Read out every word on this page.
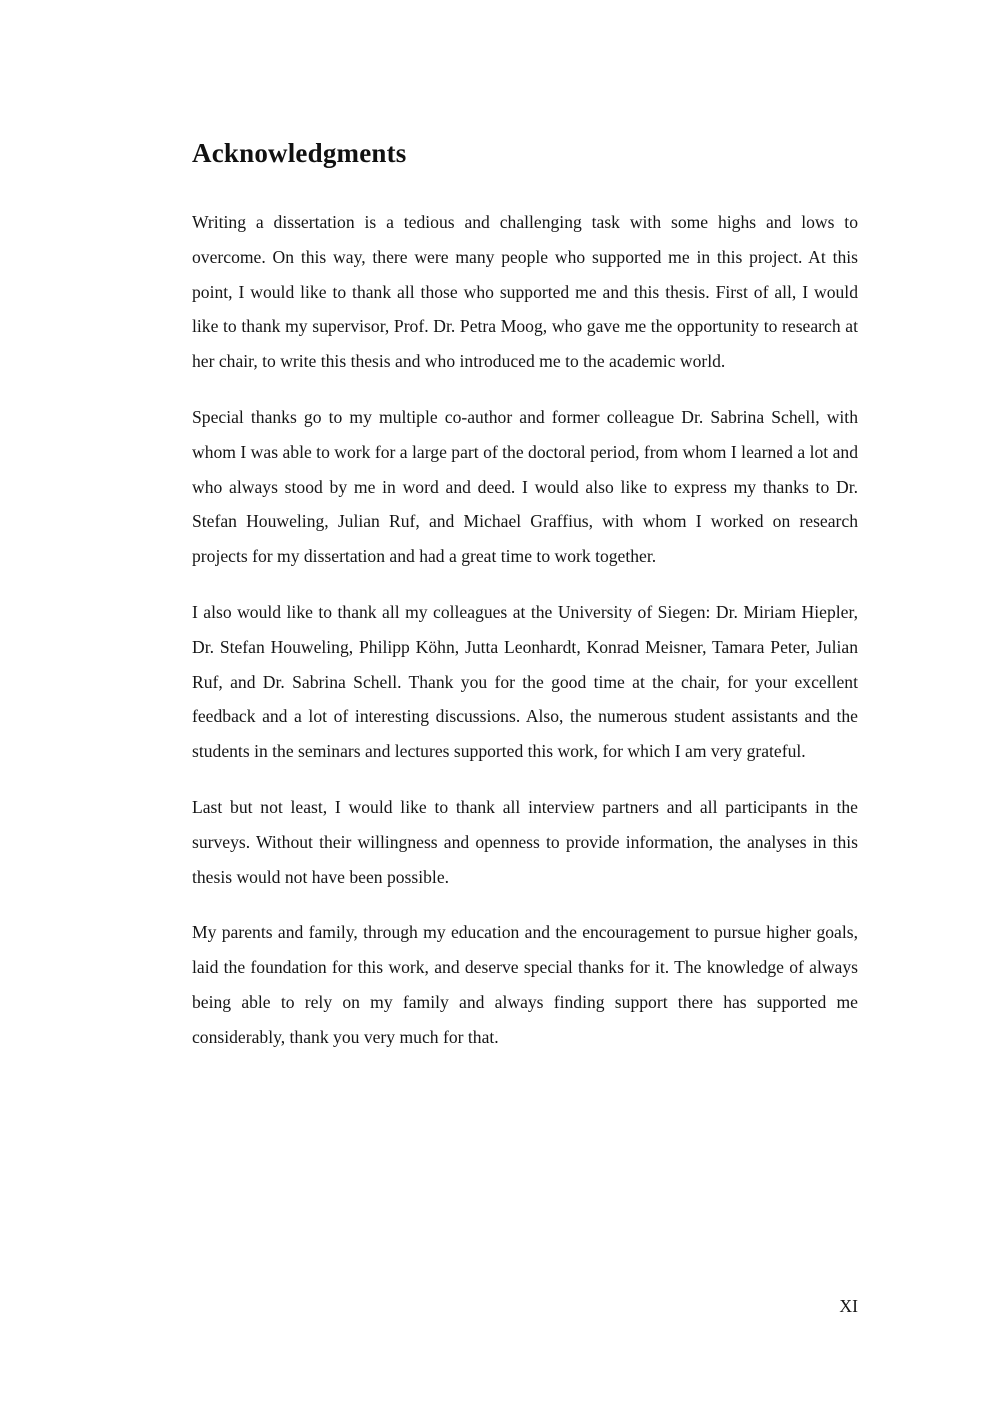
Acknowledgments

Writing a dissertation is a tedious and challenging task with some highs and lows to overcome. On this way, there were many people who supported me in this project. At this point, I would like to thank all those who supported me and this thesis. First of all, I would like to thank my supervisor, Prof. Dr. Petra Moog, who gave me the opportunity to research at her chair, to write this thesis and who introduced me to the academic world.

Special thanks go to my multiple co-author and former colleague Dr. Sabrina Schell, with whom I was able to work for a large part of the doctoral period, from whom I learned a lot and who always stood by me in word and deed. I would also like to express my thanks to Dr. Stefan Houweling, Julian Ruf, and Michael Graffius, with whom I worked on research projects for my dissertation and had a great time to work together.

I also would like to thank all my colleagues at the University of Siegen: Dr. Miriam Hiepler, Dr. Stefan Houweling, Philipp Köhn, Jutta Leonhardt, Konrad Meisner, Tamara Peter, Julian Ruf, and Dr. Sabrina Schell. Thank you for the good time at the chair, for your excellent feedback and a lot of interesting discussions. Also, the numerous student assistants and the students in the seminars and lectures supported this work, for which I am very grateful.

Last but not least, I would like to thank all interview partners and all participants in the surveys. Without their willingness and openness to provide information, the analyses in this thesis would not have been possible.

My parents and family, through my education and the encouragement to pursue higher goals, laid the foundation for this work, and deserve special thanks for it. The knowledge of always being able to rely on my family and always finding support there has supported me considerably, thank you very much for that.

XI
